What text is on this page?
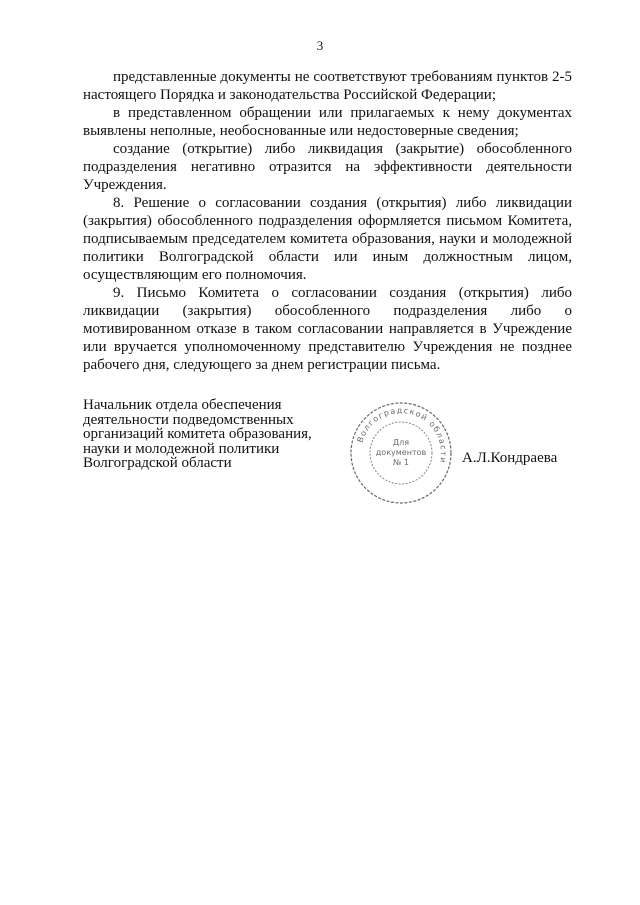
3

представленные документы не соответствуют требованиям пунктов 2-5 настоящего Порядка и законодательства Российской Федерации;

в представленном обращении или прилагаемых к нему документах выявлены неполные, необоснованные или недостоверные сведения;

создание (открытие) либо ликвидация (закрытие) обособленного подразделения негативно отразится на эффективности деятельности Учреждения.

8. Решение о согласовании создания (открытия) либо ликвидации (закрытия) обособленного подразделения оформляется письмом Комитета, подписываемым председателем комитета образования, науки и молодежной политики Волгоградской области или иным должностным лицом, осуществляющим его полномочия.

9. Письмо Комитета о согласовании создания (открытия) либо ликвидации (закрытия) обособленного подразделения либо о мотивированном отказе в таком согласовании направляется в Учреждение или вручается уполномоченному представителю Учреждения не позднее рабочего дня, следующего за днем регистрации письма.

Начальник отдела обеспечения
деятельности подведомственных
организаций комитета образования,
науки и молодежной политики
Волгоградской области
Волгоградской области
Для
документов
№ 1	А.Л.Кондраева
